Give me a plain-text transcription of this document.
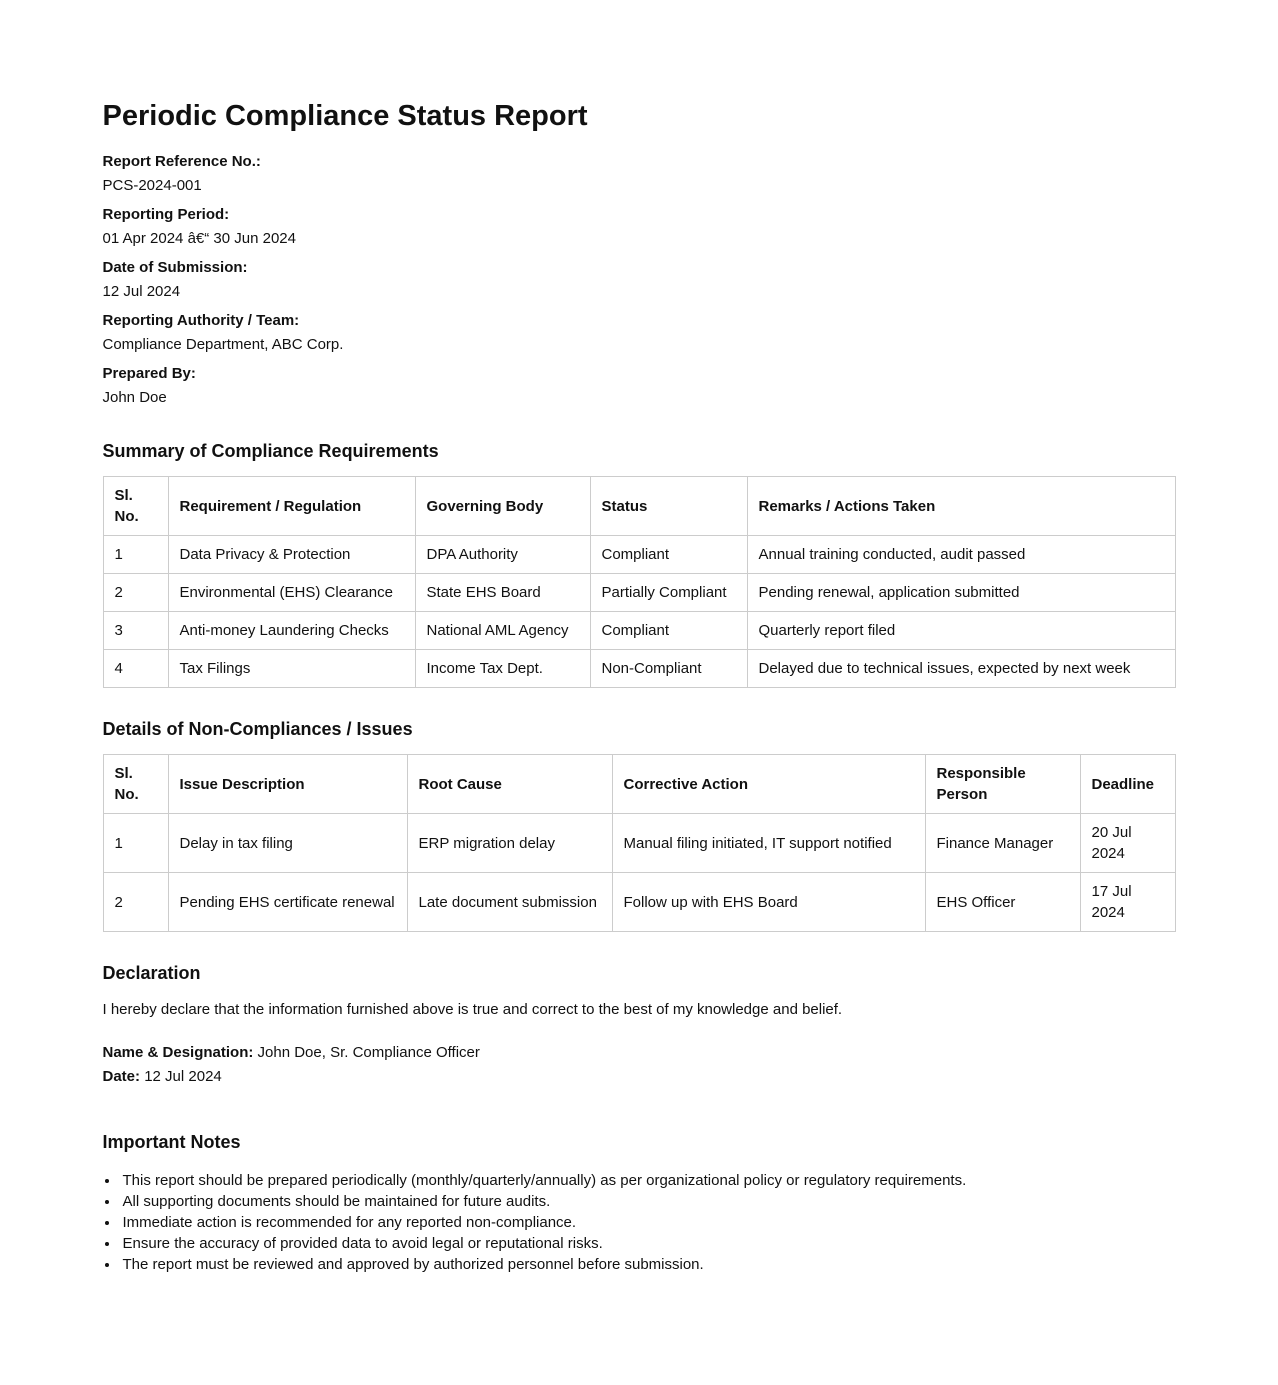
Periodic Compliance Status Report
Report Reference No.:
PCS-2024-001
Reporting Period:
01 Apr 2024 â€“ 30 Jun 2024
Date of Submission:
12 Jul 2024
Reporting Authority / Team:
Compliance Department, ABC Corp.
Prepared By:
John Doe
Summary of Compliance Requirements
Sl. No.	Requirement / Regulation	Governing Body	Status	Remarks / Actions Taken
1	Data Privacy & Protection	DPA Authority	Compliant	Annual training conducted, audit passed
2	Environmental (EHS) Clearance	State EHS Board	Partially Compliant	Pending renewal, application submitted
3	Anti-money Laundering Checks	National AML Agency	Compliant	Quarterly report filed
4	Tax Filings	Income Tax Dept.	Non-Compliant	Delayed due to technical issues, expected by next week
Details of Non-Compliances / Issues
Sl. No.	Issue Description	Root Cause	Corrective Action	Responsible Person	Deadline
1	Delay in tax filing	ERP migration delay	Manual filing initiated, IT support notified	Finance Manager	20 Jul 2024
2	Pending EHS certificate renewal	Late document submission	Follow up with EHS Board	EHS Officer	17 Jul 2024
Declaration

I hereby declare that the information furnished above is true and correct to the best of my knowledge and belief.

Name & Designation: John Doe, Sr. Compliance Officer
Date: 12 Jul 2024

Important Notes
• This report should be prepared periodically (monthly/quarterly/annually) as per organizational policy or regulatory requirements.
• All supporting documents should be maintained for future audits.
• Immediate action is recommended for any reported non-compliance.
• Ensure the accuracy of provided data to avoid legal or reputational risks.
• The report must be reviewed and approved by authorized personnel before submission.
